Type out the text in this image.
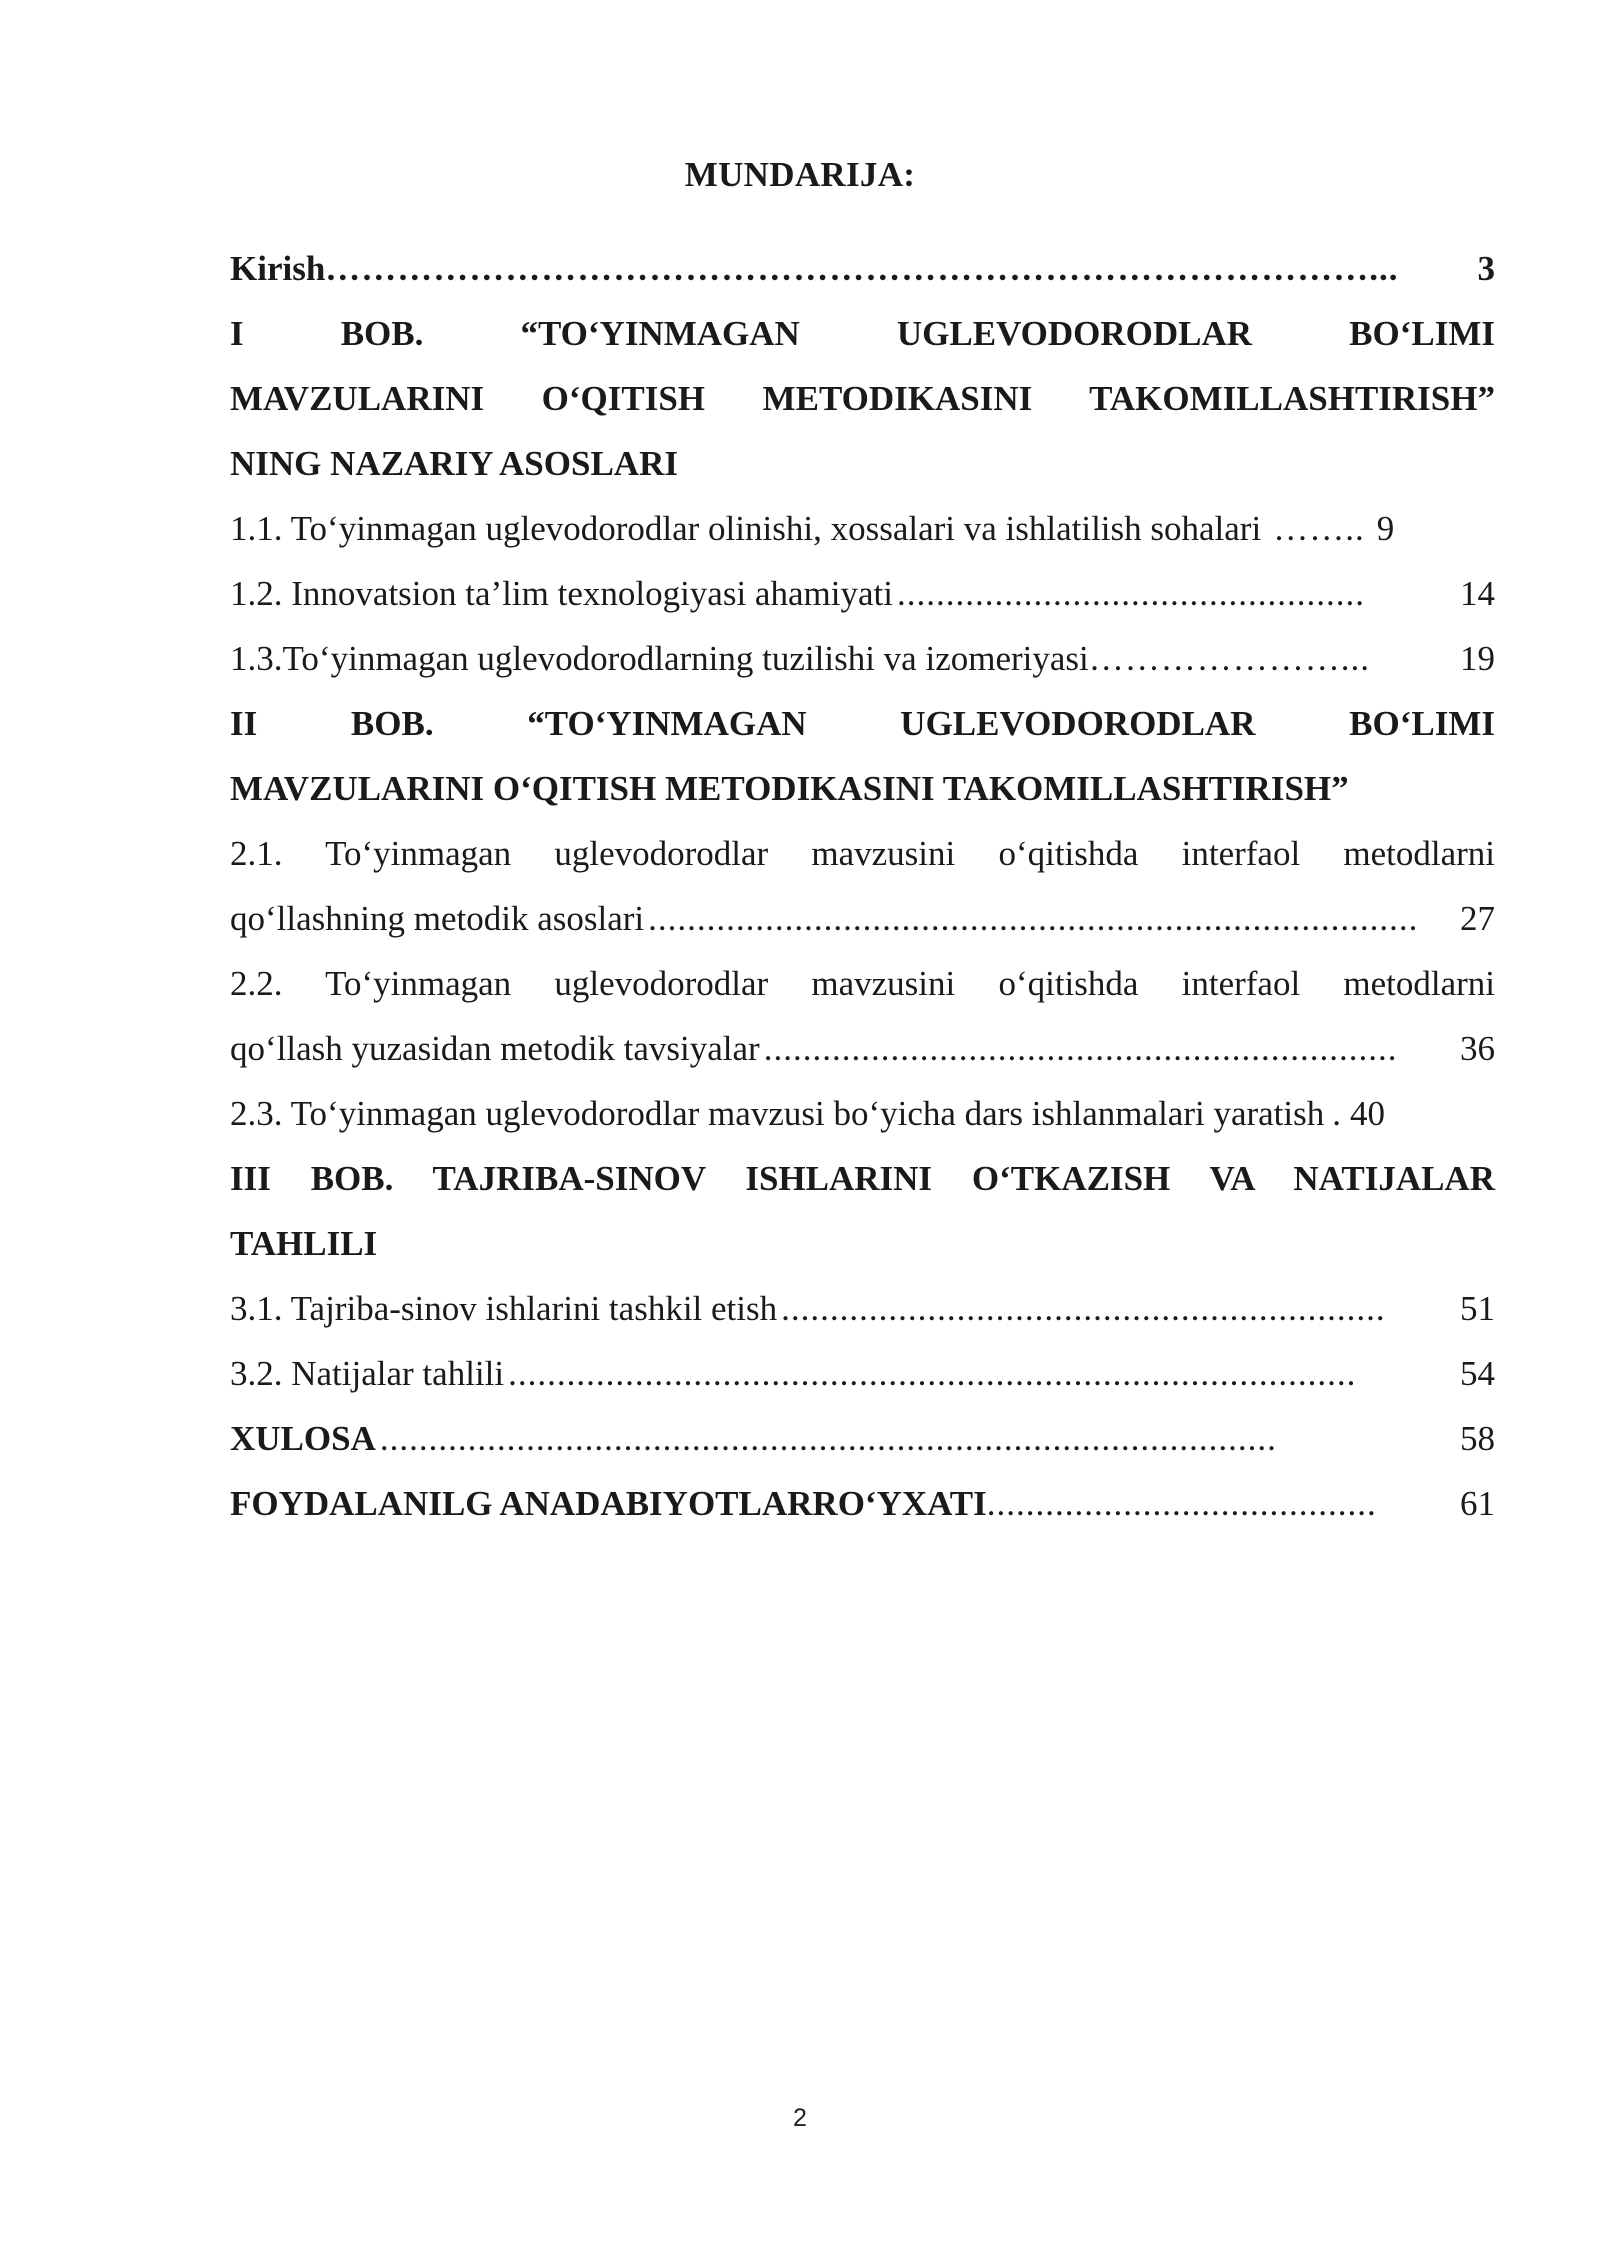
MUNDARIJA:
Kirish ……………………………………………………………………………...	3
I BOB. “TO‘YINMAGAN UGLEVODORODLAR BO‘LIMI
MAVZULARINI O‘QITISH METODIKASINI TAKOMILLASHTIRISH”
NING NAZARIY ASOSLARI
1.1. To‘yinmagan uglevodorodlar olinishi, xossalari va ishlatilish sohalari …….. 9
1.2. Innovatsion ta’lim texnologiyasi ahamiyati ................................................	14
1.3.To‘yinmagan uglevodorodlarning tuzilishi va izomeriyasi …………………...	19
II BOB. “TO‘YINMAGAN UGLEVODORODLAR BO‘LIMI
MAVZULARINI O‘QITISH METODIKASINI TAKOMILLASHTIRISH”
2.1. To‘yinmagan uglevodorodlar mavzusini o‘qitishda interfaol metodlarni
qo‘llashning metodik asoslari ...............................................................................	27
2.2. To‘yinmagan uglevodorodlar mavzusini o‘qitishda interfaol metodlarni
qo‘llash yuzasidan metodik tavsiyalar .................................................................	36
2.3. To‘yinmagan uglevodorodlar mavzusi bo‘yicha dars ishlanmalari yaratish . 40
III BOB. TAJRIBA-SINOV ISHLARINI O‘TKAZISH VA NATIJALAR
TAHLILI
3.1. Tajriba-sinov ishlarini tashkil etish ..............................................................	51
3.2. Natijalar tahlili .......................................................................................	54
XULOSA ............................................................................................	58
FOYDALANILG ANADABIYOTLARRO‘YXATI ........................................	61
2
